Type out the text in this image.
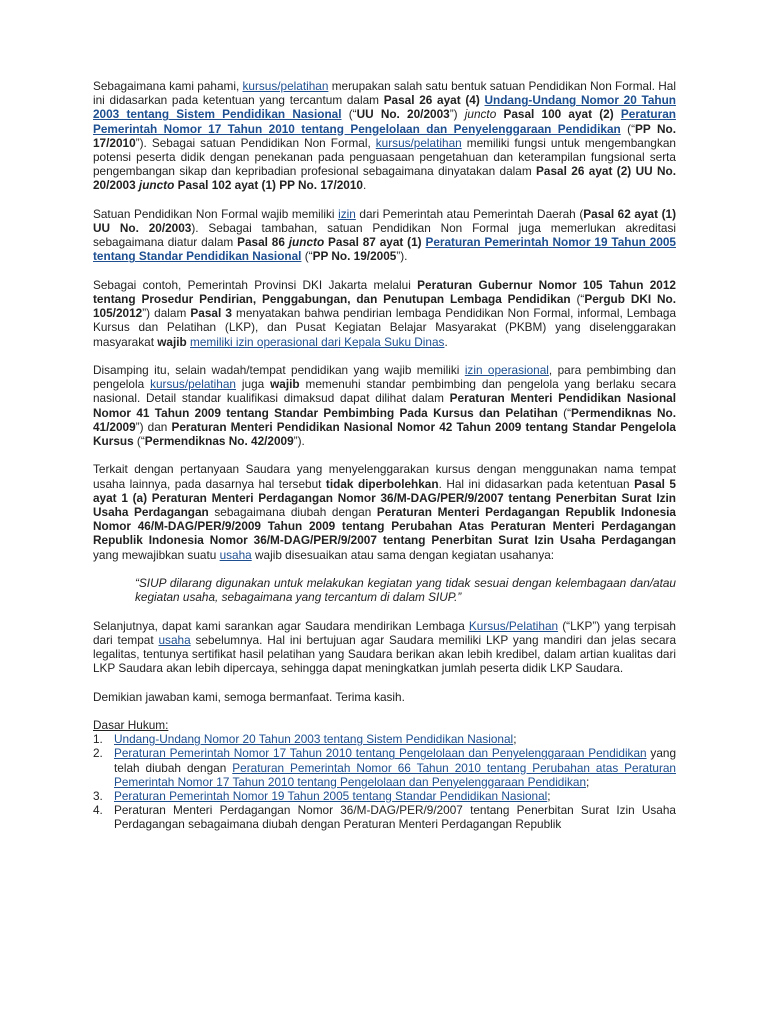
Sebagaimana kami pahami, kursus/pelatihan merupakan salah satu bentuk satuan Pendidikan Non Formal. Hal ini didasarkan pada ketentuan yang tercantum dalam Pasal 26 ayat (4) Undang-Undang Nomor 20 Tahun 2003 tentang Sistem Pendidikan Nasional (“UU No. 20/2003”) juncto Pasal 100 ayat (2) Peraturan Pemerintah Nomor 17 Tahun 2010 tentang Pengelolaan dan Penyelenggaraan Pendidikan (“PP No. 17/2010”). Sebagai satuan Pendidikan Non Formal, kursus/pelatihan memiliki fungsi untuk mengembangkan potensi peserta didik dengan penekanan pada penguasaan pengetahuan dan keterampilan fungsional serta pengembangan sikap dan kepribadian profesional sebagaimana dinyatakan dalam Pasal 26 ayat (2) UU No. 20/2003 juncto Pasal 102 ayat (1) PP No. 17/2010.

Satuan Pendidikan Non Formal wajib memiliki izin dari Pemerintah atau Pemerintah Daerah (Pasal 62 ayat (1) UU No. 20/2003). Sebagai tambahan, satuan Pendidikan Non Formal juga memerlukan akreditasi sebagaimana diatur dalam Pasal 86 juncto Pasal 87 ayat (1) Peraturan Pemerintah Nomor 19 Tahun 2005 tentang Standar Pendidikan Nasional (“PP No. 19/2005”).

Sebagai contoh, Pemerintah Provinsi DKI Jakarta melalui Peraturan Gubernur Nomor 105 Tahun 2012 tentang Prosedur Pendirian, Penggabungan, dan Penutupan Lembaga Pendidikan (“Pergub DKI No. 105/2012”) dalam Pasal 3 menyatakan bahwa pendirian lembaga Pendidikan Non Formal, informal, Lembaga Kursus dan Pelatihan (LKP), dan Pusat Kegiatan Belajar Masyarakat (PKBM) yang diselenggarakan masyarakat wajib memiliki izin operasional dari Kepala Suku Dinas.

Disamping itu, selain wadah/tempat pendidikan yang wajib memiliki izin operasional, para pembimbing dan pengelola kursus/pelatihan juga wajib memenuhi standar pembimbing dan pengelola yang berlaku secara nasional. Detail standar kualifikasi dimaksud dapat dilihat dalam Peraturan Menteri Pendidikan Nasional Nomor 41 Tahun 2009 tentang Standar Pembimbing Pada Kursus dan Pelatihan (“Permendiknas No. 41/2009”) dan Peraturan Menteri Pendidikan Nasional Nomor 42 Tahun 2009 tentang Standar Pengelola Kursus (“Permendiknas No. 42/2009”).

Terkait dengan pertanyaan Saudara yang menyelenggarakan kursus dengan menggunakan nama tempat usaha lainnya, pada dasarnya hal tersebut tidak diperbolehkan. Hal ini didasarkan pada ketentuan Pasal 5 ayat 1 (a) Peraturan Menteri Perdagangan Nomor 36/M-DAG/PER/9/2007 tentang Penerbitan Surat Izin Usaha Perdagangan sebagaimana diubah dengan Peraturan Menteri Perdagangan Republik Indonesia Nomor 46/M-DAG/PER/9/2009 Tahun 2009 tentang Perubahan Atas Peraturan Menteri Perdagangan Republik Indonesia Nomor 36/M-DAG/PER/9/2007 tentang Penerbitan Surat Izin Usaha Perdagangan yang mewajibkan suatu usaha wajib disesuaikan atau sama dengan kegiatan usahanya:

“SIUP dilarang digunakan untuk melakukan kegiatan yang tidak sesuai dengan kelembagaan dan/atau kegiatan usaha, sebagaimana yang tercantum di dalam SIUP.”

Selanjutnya, dapat kami sarankan agar Saudara mendirikan Lembaga Kursus/Pelatihan (“LKP”) yang terpisah dari tempat usaha sebelumnya. Hal ini bertujuan agar Saudara memiliki LKP yang mandiri dan jelas secara legalitas, tentunya sertifikat hasil pelatihan yang Saudara berikan akan lebih kredibel, dalam artian kualitas dari LKP Saudara akan lebih dipercaya, sehingga dapat meningkatkan jumlah peserta didik LKP Saudara.

Demikian jawaban kami, semoga bermanfaat. Terima kasih.

Dasar Hukum:
1. Undang-Undang Nomor 20 Tahun 2003 tentang Sistem Pendidikan Nasional;
2. Peraturan Pemerintah Nomor 17 Tahun 2010 tentang Pengelolaan dan Penyelenggaraan Pendidikan yang telah diubah dengan Peraturan Pemerintah Nomor 66 Tahun 2010 tentang Perubahan atas Peraturan Pemerintah Nomor 17 Tahun 2010 tentang Pengelolaan dan Penyelenggaraan Pendidikan;
3. Peraturan Pemerintah Nomor 19 Tahun 2005 tentang Standar Pendidikan Nasional;
4. Peraturan Menteri Perdagangan Nomor 36/M-DAG/PER/9/2007 tentang Penerbitan Surat Izin Usaha Perdagangan sebagaimana diubah dengan Peraturan Menteri Perdagangan Republik
